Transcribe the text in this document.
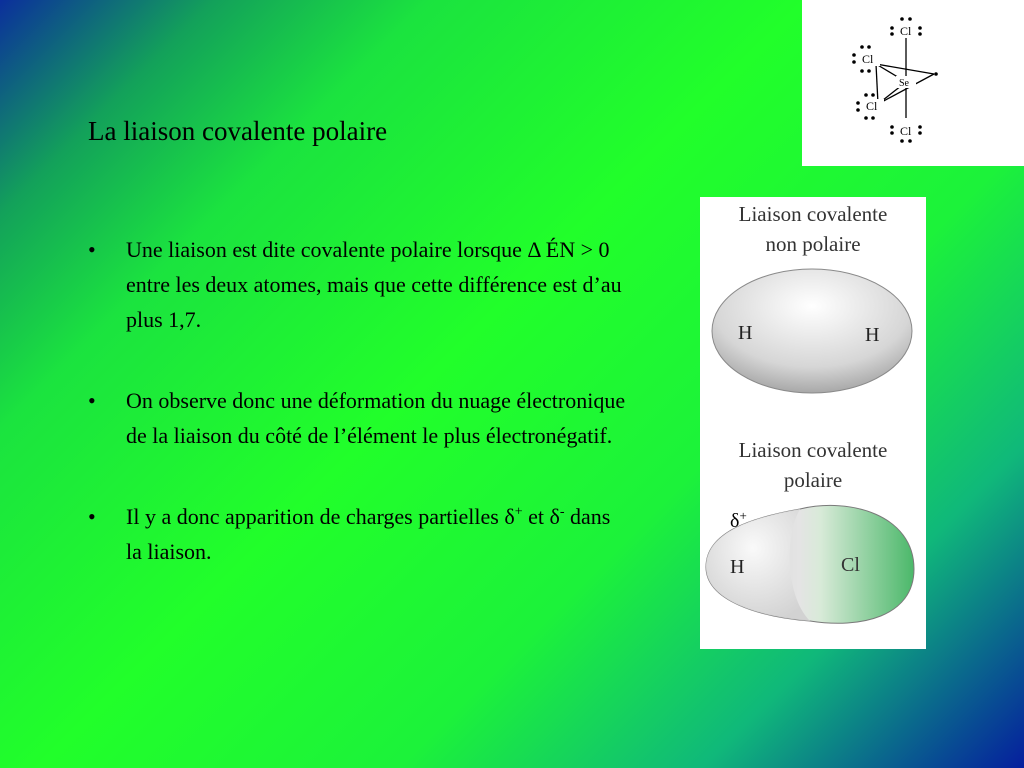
La liaison covalente polaire
• Une liaison est dite covalente polaire lorsque Δ ÉN > 0 entre les deux atomes, mais que cette différence est d’au plus 1,7.
• On observe donc une déformation du nuage électronique de la liaison du côté de l’élément le plus électronégatif.
• Il y a donc apparition de charges partielles δ+ et δ- dans la liaison.
Cl
Cl
Cl
Cl
Se
Liaison covalente
non polaire
H	H
Liaison covalente
polaire
δ+
H	Cl
